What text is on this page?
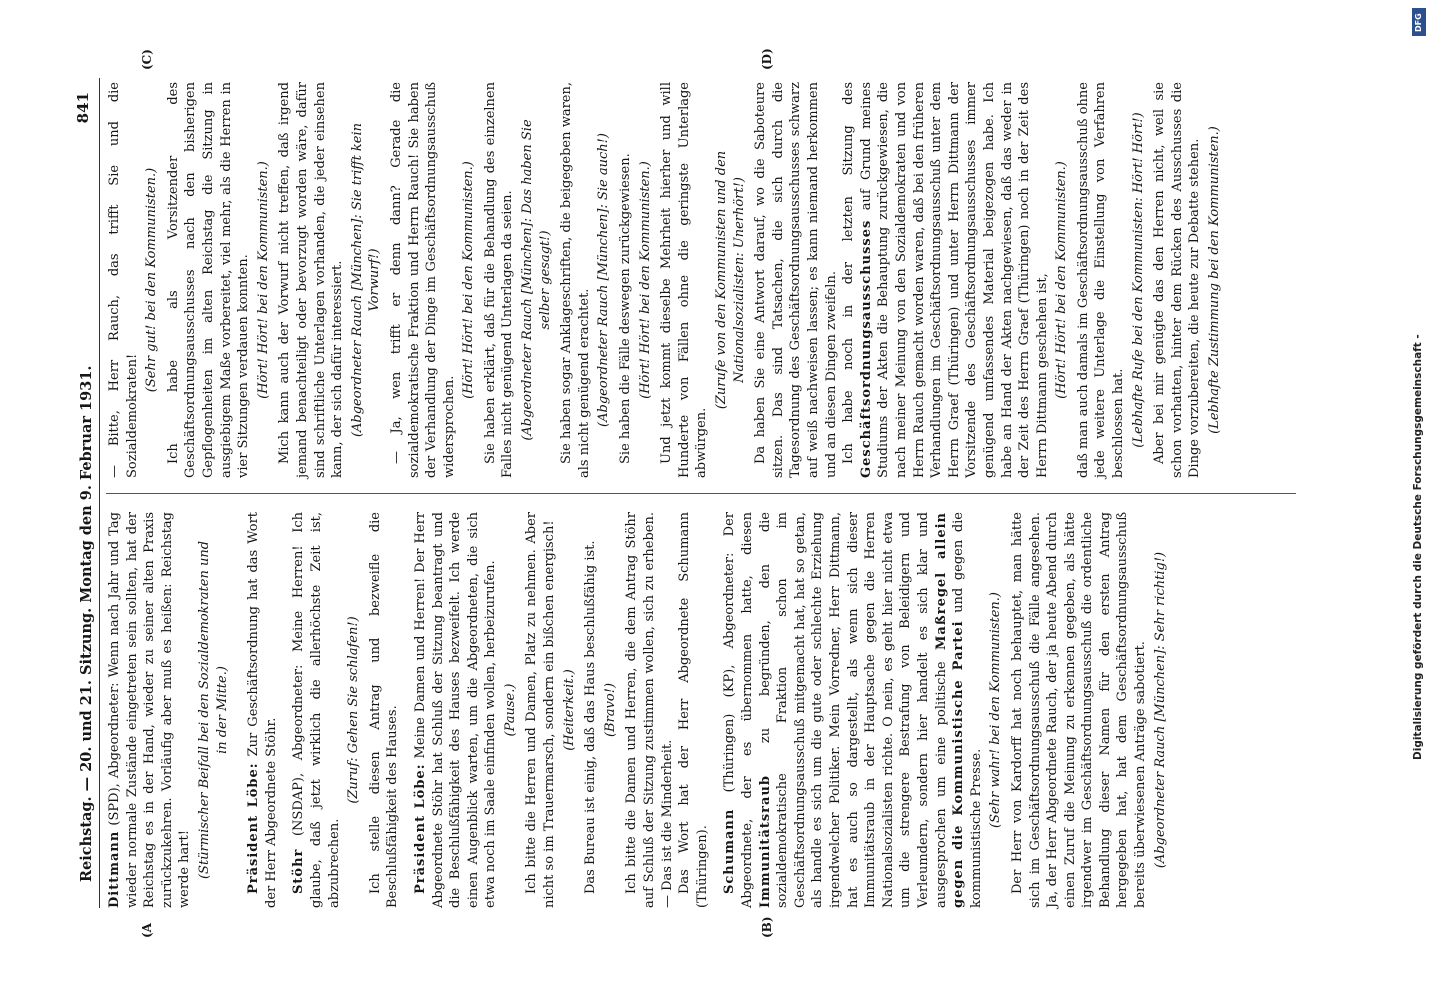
Reichstag. — 20. und 21. Sitzung. Montag den 9. Februar 1931.
841

Dittmann (SPD), Abgeordneter: Wenn nach Jahr und Tag wieder normale Zustände eingetreten sein sollten, hat der Reichstag es in der Hand, wieder zu seiner alten Praxis zurückzukehren. Vorläufig aber muß es heißen: Reichstag werde hart! (Stürmischer Beifall bei den Sozialdemokraten und in der Mitte.)

Präsident Löbe: Zur Geschäftsordnung hat das Wort der Herr Abgeordnete Stöhr. Stöhr (NSDAP), Abgeordneter: Meine Herren! Ich glaube, daß jetzt wirklich die allerhöchste Zeit ist, abzubrechen.

(Zuruf: Gehen Sie schlafen!) Ich stelle diesen Antrag und bezweifle die Beschlußfähigkeit des Hauses. Präsident Löbe: Meine Damen und Herren! Der Herr Abgeordnete Stöhr hat Schluß der Sitzung beantragt und die Beschlußfähigkeit des Hauses bezweifelt. Ich werde einen Augenblick warten, um die Abgeordneten, die sich etwa noch im Saale einfinden wollen, herbeizurufen. (Pause.) Ich bitte die Herren und Damen, Platz zu nehmen. Aber nicht so im Trauermarsch, sondern ein bißchen energisch! (Heiterkeit.) Das Bureau ist einig, daß das Haus beschlußfähig ist. (Bravo!) Ich bitte die Damen und Herren, die dem Antrag Stöhr auf Schluß der Sitzung zustimmen wollen, sich zu erheben. — Das ist die Minderheit. Das Wort hat der Herr Abgeordnete Schumann (Thüringen). Schumann (Thüringen) (KP), Abgeordneter: Der Abgeordnete, der es übernommen hatte, diesen Immunitätsraub zu begründen, den die sozialdemokratische Fraktion schon im Geschäftsordnungsausschuß mitgemacht hat, hat so getan, als handle es sich um die gute oder schlechte Erziehung irgendwelcher Politiker. Mein Vorredner, Herr Dittmann, hat es auch so dargestellt, als wenn sich dieser Immunitätsraub in der Hauptsache gegen die Herren Nationalsozialisten richte. O nein, es geht hier nicht etwa um die strengere Bestrafung von Beleidigern und Verleumdern, sondern hier handelt es sich klar und ausgesprochen um eine politische Maßregel allein gegen die Kommunistische Partei und gegen die kommunistische Presse.

(Sehr wahr! bei den Kommunisten.) Der Herr von Kardorff hat noch behauptet, man hätte sich im Geschäftsordnungsausschuß die Fälle angesehen. Ja, der Herr Abgeordnete Rauch, der ja heute Abend durch einen Zuruf die Meinung zu erkennen gegeben, als hätte irgendwer im Geschäftsordnungsausschuß die ordentliche Behandlung dieser Namen für den ersten Antrag hergegeben hat, hat dem Geschäftsordnungsausschuß bereits überwiesenen Anträge sabotiert. (Abgeordneter Rauch [München]: Sehr richtig!)

— Bitte, Herr Rauch, das trifft Sie und die Sozialdemokraten!

(Sehr gut! bei den Kommunisten.) Ich habe als Vorsitzender des Geschäftsordnungsausschusses nach den bisherigen Gepflogenheiten im alten Reichstag die Sitzung in ausgiebigem Maße vorbereitet, viel mehr, als die Herren in vier Sitzungen verdauen konnten. (Hört! Hört! bei den Kommunisten.) Mich kann auch der Vorwurf nicht treffen, daß irgend jemand benachteiligt oder bevorzugt worden wäre, dafür sind schriftliche Unterlagen vorhanden, die jeder einsehen kann, der sich dafür interessiert. (Abgeordneter Rauch [München]: Sie trifft kein Vorwurf!) — Ja, wen trifft er denn dann? Gerade die sozialdemokratische Fraktion und Herrn Rauch! Sie haben der Verhandlung der Dinge im Geschäftsordnungsausschuß widersprochen.

(Hört! Hört! bei den Kommunisten.) Sie haben erklärt, daß für die Behandlung des einzelnen Falles nicht genügend Unterlagen da seien. (Abgeordneter Rauch [München]: Das haben Sie selber gesagt!) Sie haben sogar Anklageschriften, die beigegeben waren, als nicht genügend erachtet. (Abgeordneter Rauch [München]: Sie auch!) Sie haben die Fälle deswegen zurückgewiesen. (Hört! Hört! bei den Kommunisten.) Und jetzt kommt dieselbe Mehrheit hierher und will Hunderte von Fällen ohne die geringste Unterlage abwürgen.

(Zurufe von den Kommunisten und den Nationalsozialisten: Unerhört!) Da haben Sie eine Antwort darauf, wo die Saboteure sitzen. Das sind Tatsachen, die sich durch die Tagesordnung des Geschäftsordnungsausschusses schwarz auf weiß nachweisen lassen; es kann niemand herkommen und an diesen Dingen zweifeln. Ich habe noch in der letzten Sitzung des Geschäftsordnungsausschusses auf Grund meines Studiums der Akten die Behauptung zurückgewiesen, die nach meiner Meinung von den Sozialdemokraten und von Herrn Rauch gemacht worden waren, daß bei den früheren Verhandlungen im Geschäftsordnungsausschuß unter dem Herrn Graef (Thüringen) und unter Herrn Dittmann der Vorsitzende des Geschäftsordnungsausschusses immer genügend umfassendes Material beigezogen habe. Ich habe an Hand der Akten nachgewiesen, daß das weder in der Zeit des Herrn Graef (Thüringen) noch in der Zeit des Herrn Dittmann geschehen ist, (Hört! Hört! bei den Kommunisten.) daß man auch damals im Geschäftsordnungsausschuß ohne jede weitere Unterlage die Einstellung von Verfahren beschlossen hat. (Lebhafte Rufe bei den Kommunisten: Hört! Hört!) Aber bei mir genügte das den Herren nicht, weil sie schon vorhatten, hinter dem Rücken des Ausschusses die Dinge vorzubereiten, die heute zur Debatte stehen. (Lebhafte Zustimmung bei den Kommunisten.)

(A	(B)
(C)	(D)
DFG
Digitalisierung gefördert durch die Deutsche Forschungsgemeinschaft -
